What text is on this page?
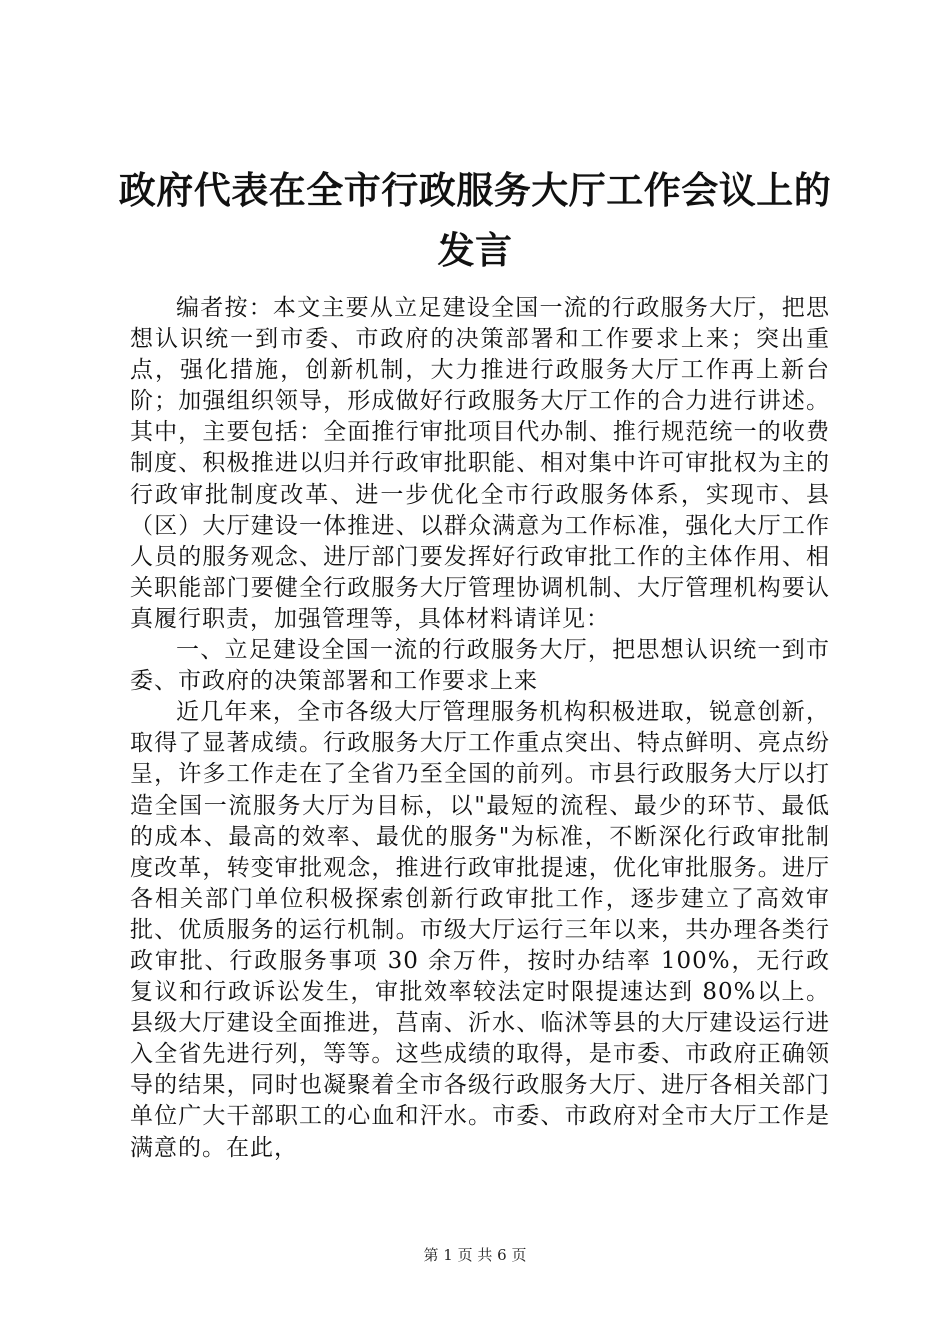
政府代表在全市行政服务大厅工作会议上的发言

编者按：本文主要从立足建设全国一流的行政服务大厅，把思想认识统一到市委、市政府的决策部署和工作要求上来；突出重点，强化措施，创新机制，大力推进行政服务大厅工作再上新台阶；加强组织领导，形成做好行政服务大厅工作的合力进行讲述。其中，主要包括：全面推行审批项目代办制、推行规范统一的收费制度、积极推进以归并行政审批职能、相对集中许可审批权为主的行政审批制度改革、进一步优化全市行政服务体系，实现市、县（区）大厅建设一体推进、以群众满意为工作标准，强化大厅工作人员的服务观念、进厅部门要发挥好行政审批工作的主体作用、相关职能部门要健全行政服务大厅管理协调机制、大厅管理机构要认真履行职责，加强管理等，具体材料请详见：

一、立足建设全国一流的行政服务大厅，把思想认识统一到市委、市政府的决策部署和工作要求上来

近几年来，全市各级大厅管理服务机构积极进取，锐意创新，取得了显著成绩。行政服务大厅工作重点突出、特点鲜明、亮点纷呈，许多工作走在了全省乃至全国的前列。市县行政服务大厅以打造全国一流服务大厅为目标，以"最短的流程、最少的环节、最低的成本、最高的效率、最优的服务"为标准，不断深化行政审批制度改革，转变审批观念，推进行政审批提速，优化审批服务。进厅各相关部门单位积极探索创新行政审批工作，逐步建立了高效审批、优质服务的运行机制。市级大厅运行三年以来，共办理各类行政审批、行政服务事项 30 余万件，按时办结率 100%，无行政复议和行政诉讼发生，审批效率较法定时限提速达到 80%以上。县级大厅建设全面推进，莒南、沂水、临沭等县的大厅建设运行进入全省先进行列，等等。这些成绩的取得，是市委、市政府正确领导的结果，同时也凝聚着全市各级行政服务大厅、进厅各相关部门单位广大干部职工的心血和汗水。市委、市政府对全市大厅工作是满意的。在此，

第 1 页 共 6 页
